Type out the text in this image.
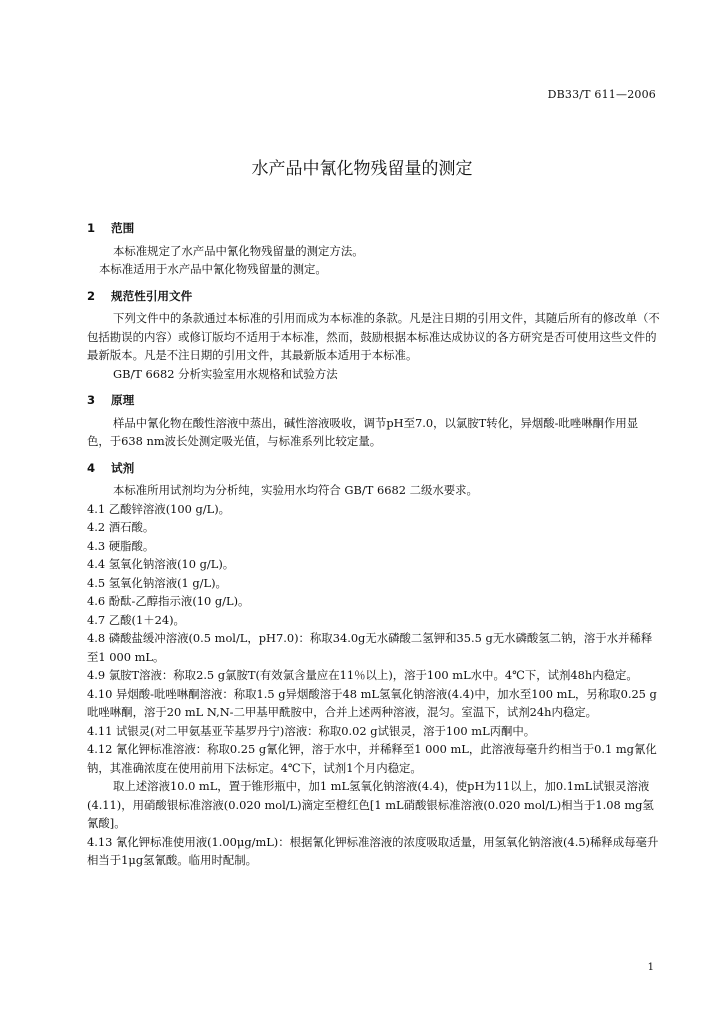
DB33/T 611—2006
水产品中氰化物残留量的测定
1 范围

本标准规定了水产品中氰化物残留量的测定方法。

本标准适用于水产品中氰化物残留量的测定。

2 规范性引用文件

下列文件中的条款通过本标准的引用而成为本标准的条款。凡是注日期的引用文件，其随后所有的修改单（不包括勘误的内容）或修订版均不适用于本标准，然而，鼓励根据本标准达成协议的各方研究是否可使用这些文件的最新版本。凡是不注日期的引用文件，其最新版本适用于本标准。

GB/T 6682 分析实验室用水规格和试验方法

3 原理

样品中氰化物在酸性溶液中蒸出，碱性溶液吸收，调节pH至7.0，以氯胺T转化，异烟酸-吡唑啉酮作用显色，于638 nm波长处测定吸光值，与标准系列比较定量。

4 试剂

本标准所用试剂均为分析纯，实验用水均符合 GB/T 6682 二级水要求。

4.1 乙酸锌溶液(100 g/L)。

4.2 酒石酸。

4.3 硬脂酸。

4.4 氢氧化钠溶液(10 g/L)。

4.5 氢氧化钠溶液(1 g/L)。

4.6 酚酞-乙醇指示液(10 g/L)。

4.7 乙酸(1＋24)。

4.8 磷酸盐缓冲溶液(0.5 mol/L，pH7.0)：称取34.0g无水磷酸二氢钾和35.5 g无水磷酸氢二钠，溶于水并稀释至1 000 mL。

4.9 氯胺T溶液：称取2.5 g氯胺T(有效氯含量应在11％以上)，溶于100 mL水中。4℃下，试剂48h内稳定。

4.10 异烟酸-吡唑啉酮溶液：称取1.5 g异烟酸溶于48 mL氢氧化钠溶液(4.4)中，加水至100 mL，另称取0.25 g吡唑啉酮，溶于20 mL N,N-二甲基甲酰胺中，合并上述两种溶液，混匀。室温下，试剂24h内稳定。

4.11 试银灵(对二甲氨基亚苄基罗丹宁)溶液：称取0.02 g试银灵，溶于100 mL丙酮中。

4.12 氰化钾标准溶液：称取0.25 g氰化钾，溶于水中，并稀释至1 000 mL，此溶液每毫升约相当于0.1 mg氰化钠，其准确浓度在使用前用下法标定。4℃下，试剂1个月内稳定。

取上述溶液10.0 mL，置于锥形瓶中，加1 mL氢氧化钠溶液(4.4)，使pH为11以上，加0.1mL试银灵溶液(4.11)，用硝酸银标准溶液(0.020 mol/L)滴定至橙红色[1 mL硝酸银标准溶液(0.020 mol/L)相当于1.08 mg氢氰酸]。

4.13 氰化钾标准使用液(1.00μg/mL)：根据氰化钾标准溶液的浓度吸取适量，用氢氧化钠溶液(4.5)稀释成每毫升相当于1μg氢氰酸。临用时配制。

1
